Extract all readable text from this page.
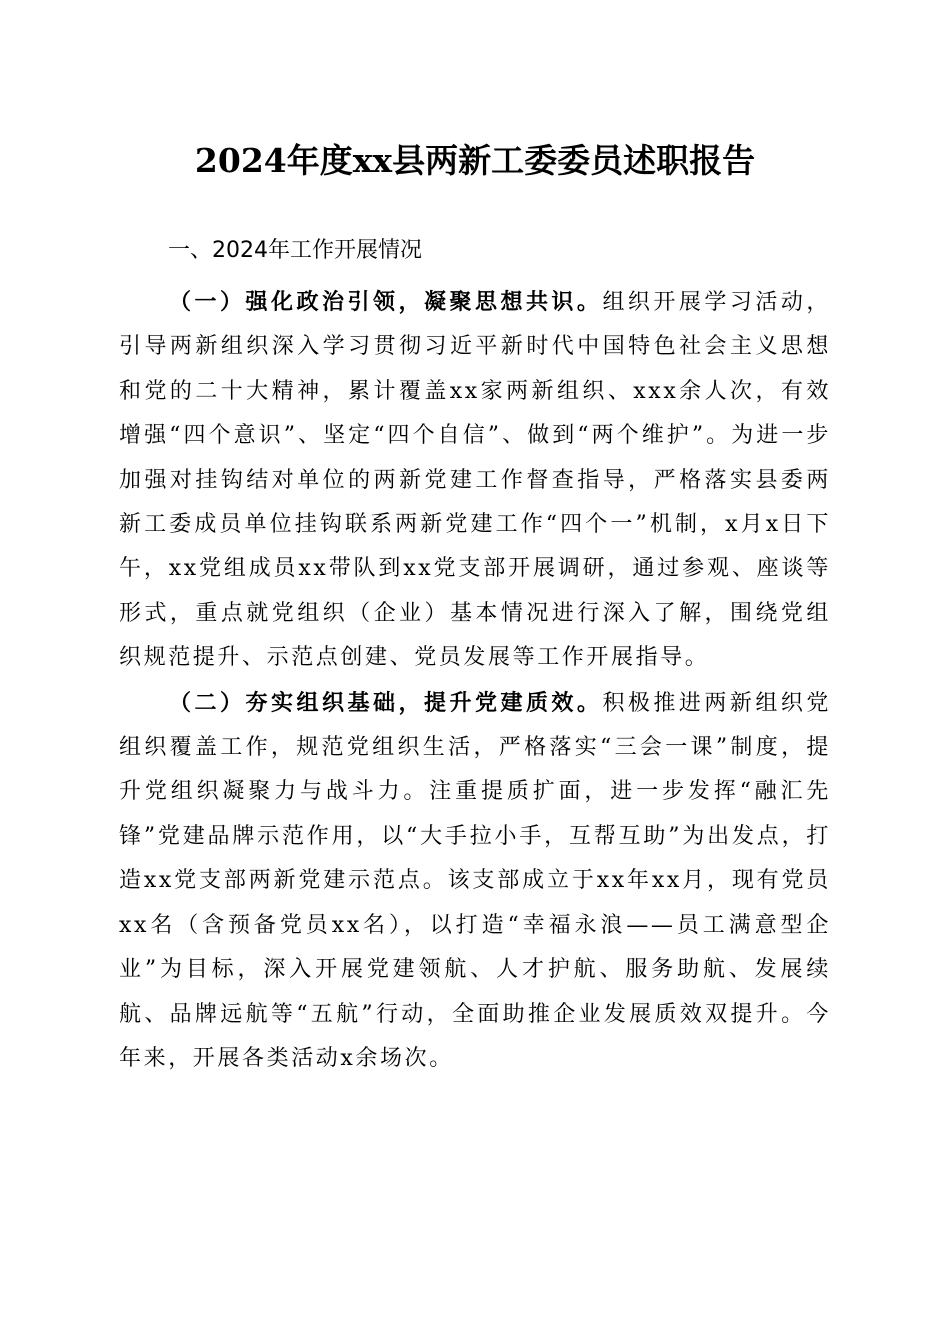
2024年度xx县两新工委委员述职报告
一、2024年工作开展情况

（一）强化政治引领，凝聚思想共识。组织开展学习活动，引导两新组织深入学习贯彻习近平新时代中国特色社会主义思想和党的二十大精神，累计覆盖xx家两新组织、xxx余人次，有效增强“四个意识”、坚定“四个自信”、做到“两个维护”。为进一步加强对挂钩结对单位的两新党建工作督查指导，严格落实县委两新工委成员单位挂钩联系两新党建工作“四个一”机制，x月x日下午，xx党组成员xx带队到xx党支部开展调研，通过参观、座谈等形式，重点就党组织（企业）基本情况进行深入了解，围绕党组织规范提升、示范点创建、党员发展等工作开展指导。

（二）夯实组织基础，提升党建质效。积极推进两新组织党组织覆盖工作，规范党组织生活，严格落实“三会一课”制度，提升党组织凝聚力与战斗力。注重提质扩面，进一步发挥“融汇先锋”党建品牌示范作用，以“大手拉小手，互帮互助”为出发点，打造xx党支部两新党建示范点。该支部成立于xx年xx月，现有党员xx名（含预备党员xx名），以打造“幸福永浪——员工满意型企业”为目标，深入开展党建领航、人才护航、服务助航、发展续航、品牌远航等“五航”行动，全面助推企业发展质效双提升。今年来，开展各类活动x余场次。
